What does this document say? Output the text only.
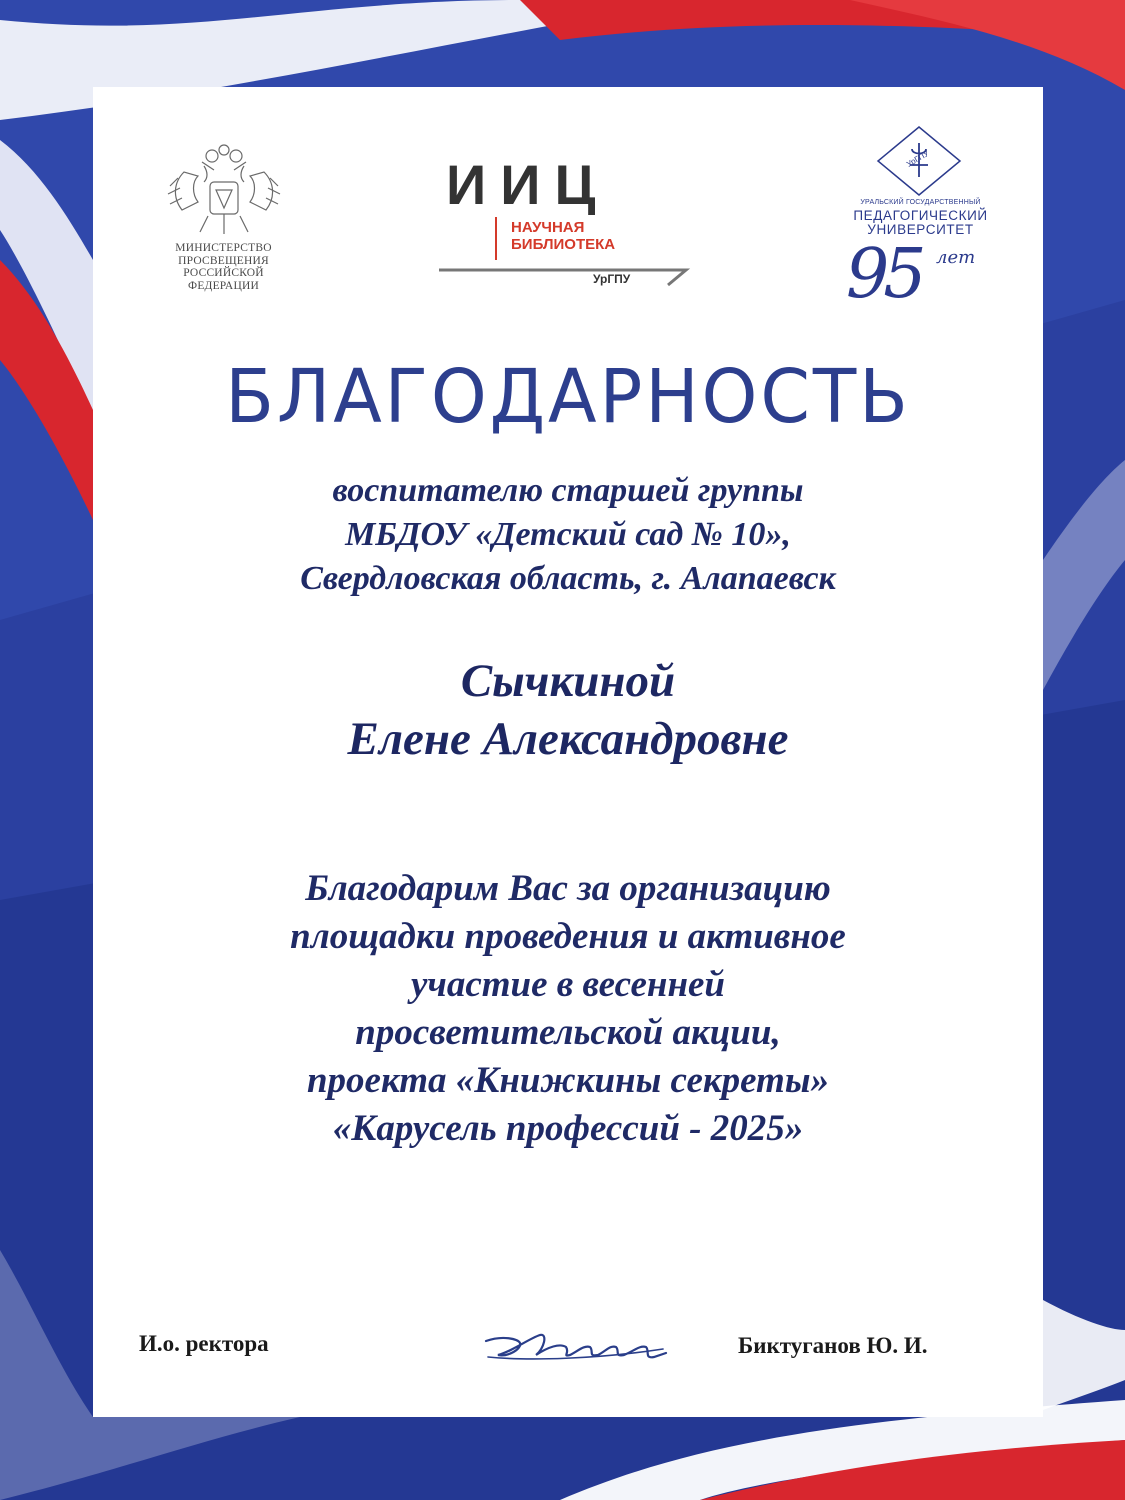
МИНИСТЕРСТВО
ПРОСВЕЩЕНИЯ
РОССИЙСКОЙ
ФЕДЕРАЦИИ
ИИЦ
НАУЧНАЯ
БИБЛИОТЕКА
УрГПУ
УрГПУ
УРАЛЬСКИЙ ГОСУДАРСТВЕННЫЙ
ПЕДАГОГИЧЕСКИЙ
УНИВЕРСИТЕТ
95 лет
БЛАГОДАРНОСТЬ
воспитателю старшей группы
МБДОУ «Детский сад № 10»,
Свердловская область, г. Алапаевск
Сычкиной
Елене Александровне
Благодарим Вас за организацию
площадки проведения и активное
участие в весенней
просветительской акции,
проекта «Книжкины секреты»
«Карусель профессий - 2025»
И.о. ректора	Биктуганов Ю. И.
